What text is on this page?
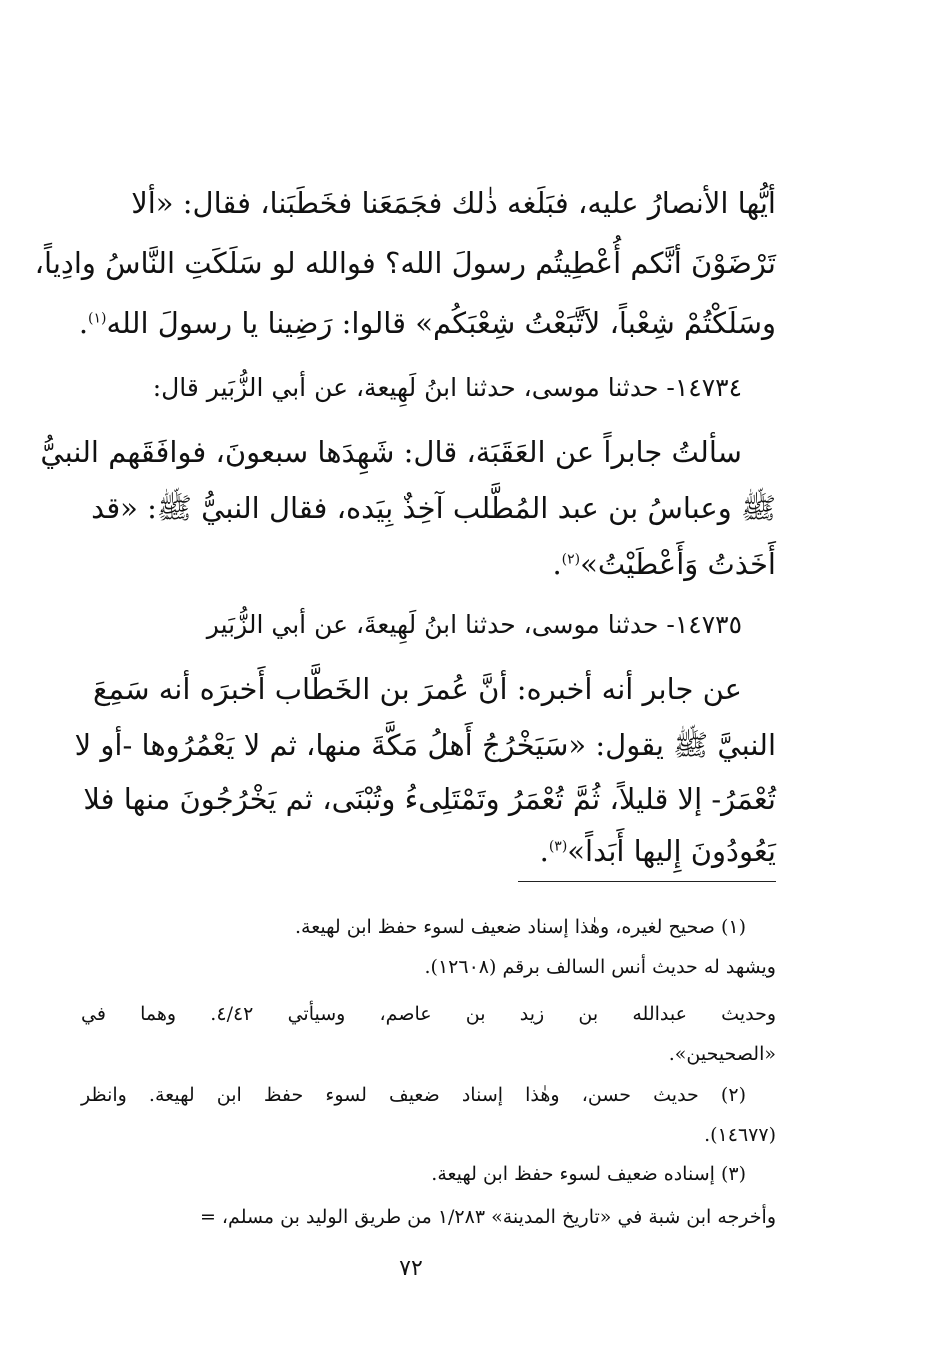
أيُّها الأنصارُ عليه، فبَلَغه ذٰلك فجَمَعَنا فخَطَبَنا، فقال: «ألا
تَرْضَوْنَ أنَّكم أُعْطِيتُم رسولَ الله؟ فوالله لو سَلَكَتِ النَّاسُ وادِياً،
وسَلَكْتُمْ شِعْباً، لاَتَّبَعْتُ شِعْبَكُم» قالوا: رَضِينا يا رسولَ الله$^{(١)}$.
١٤٧٣٤- حدثنا موسى، حدثنا ابنُ لَهِيعة، عن أبي الزُّبَير قال:
سألتُ جابراً عن العَقَبَة، قال: شَهِدَها سبعونَ، فوافَقَهم النبيُّ
ﷺ وعباسُ بن عبد المُطَّلب آخِذٌ بِيَده، فقال النبيُّ ﷺ: «قد
أَخَذتُ وَأَعْطَيْتُ»$^{(٢)}$.
١٤٧٣٥- حدثنا موسى، حدثنا ابنُ لَهِيعةَ، عن أبي الزُّبَير
عن جابر أنه أخبره: أنَّ عُمرَ بن الخَطَّاب أَخبرَه أنه سَمِعَ
النبيَّ ﷺ يقول: «سَيَخْرُجُ أَهلُ مَكَّةَ منها، ثم لا يَعْمُرُوها -أو لا
تُعْمَرُ- إلا قليلاً، ثُمَّ تُعْمَرُ وتَمْتَلِىءُ وتُبْنَى، ثم يَخْرُجُونَ منها فلا
يَعُودُونَ إِليها أَبَداً»$^{(٣)}$.
(١) صحيح لغيره، وهٰذا إسناد ضعيف لسوء حفظ ابن لهيعة.
ويشهد له حديث أنس السالف برقم (١٢٦٠٨).
وحديث عبدالله بن زيد بن عاصم، وسيأتي ٤/٤٢. وهما في
«الصحيحين».
(٢) حديث حسن، وهٰذا إسناد ضعيف لسوء حفظ ابن لهيعة. وانظر
(١٤٦٧٧).
(٣) إسناده ضعيف لسوء حفظ ابن لهيعة.
وأخرجه ابن شبة في «تاريخ المدينة» ١/٢٨٣ من طريق الوليد بن مسلم، =
٧٢
